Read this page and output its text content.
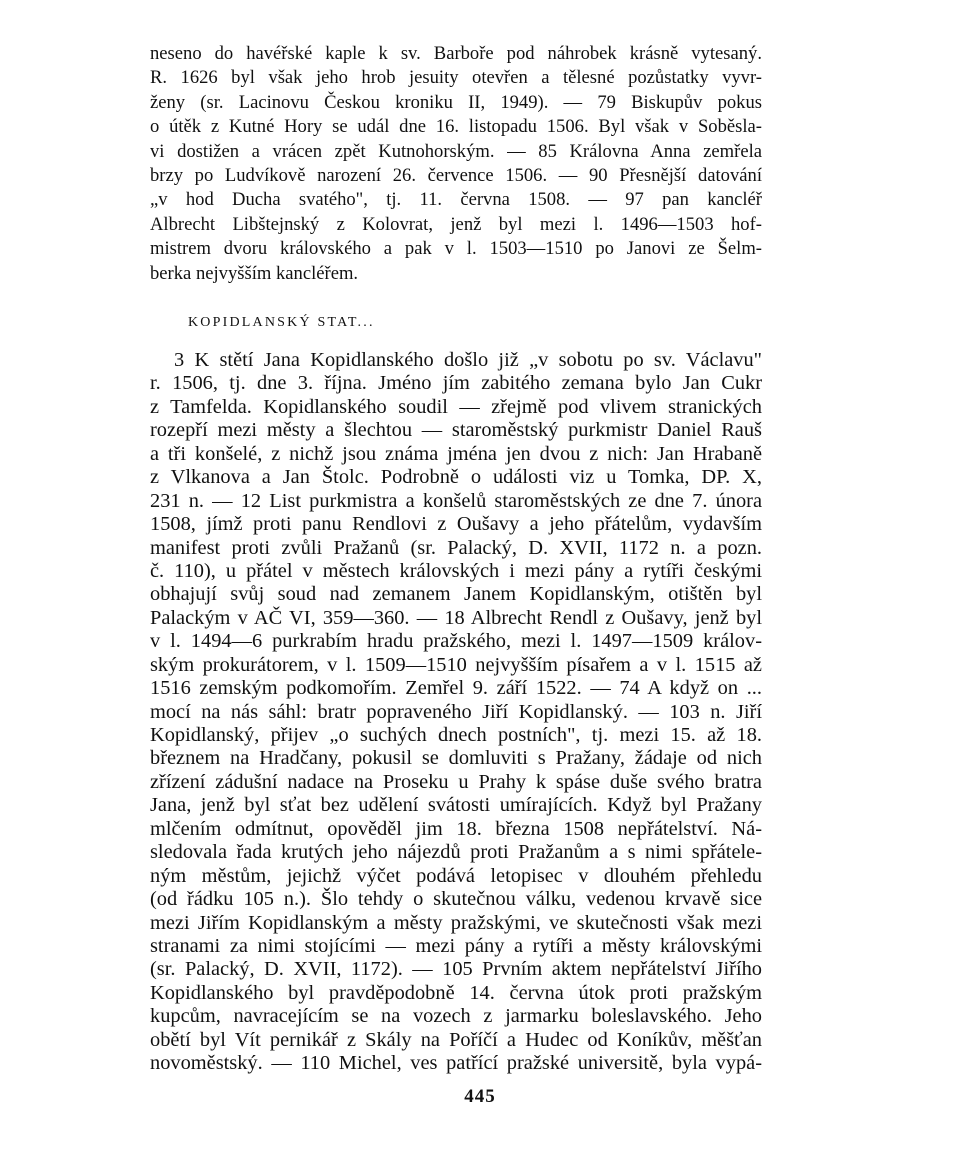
neseno do havéřské kaple k sv. Barboře pod náhrobek krásně vytesaný.
R. 1626 byl však jeho hrob jesuity otevřen a tělesné pozůstatky vyvr-
ženy (sr. Lacinovu Českou kroniku II, 1949). — 79 Biskupův pokus
o útěk z Kutné Hory se udál dne 16. listopadu 1506. Byl však v Soběsla-
vi dostižen a vrácen zpět Kutnohorským. — 85 Královna Anna zemřela
brzy po Ludvíkově narození 26. července 1506. — 90 Přesnější datování
„v hod Ducha svatého", tj. 11. června 1508. — 97 pan kancléř
Albrecht Libštejnský z Kolovrat, jenž byl mezi l. 1496—1503 hof-
mistrem dvoru královského a pak v l. 1503—1510 po Janovi ze Šelm-
berka nejvyšším kancléřem.
KOPIDLANSKÝ STAT...
3 K stětí Jana Kopidlanského došlo již „v sobotu po sv. Václavu"
r. 1506, tj. dne 3. října. Jméno jím zabitého zemana bylo Jan Cukr
z Tamfelda. Kopidlanského soudil — zřejmě pod vlivem stranických
rozepří mezi městy a šlechtou — staroměstský purkmistr Daniel Rauš
a tři konšelé, z nichž jsou známa jména jen dvou z nich: Jan Hrabaně
z Vlkanova a Jan Štolc. Podrobně o události viz u Tomka, DP. X,
231 n. — 12 List purkmistra a konšelů staroměstských ze dne 7. února
1508, jímž proti panu Rendlovi z Oušavy a jeho přátelům, vydavším
manifest proti zvůli Pražanů (sr. Palacký, D. XVII, 1172 n. a pozn.
č. 110), u přátel v městech královských i mezi pány a rytíři českými
obhajují svůj soud nad zemanem Janem Kopidlanským, otištěn byl
Palackým v AČ VI, 359—360. — 18 Albrecht Rendl z Oušavy, jenž byl
v l. 1494—6 purkrabím hradu pražského, mezi l. 1497—1509 králov-
ským prokurátorem, v l. 1509—1510 nejvyšším písařem a v l. 1515 až
1516 zemským podkomořím. Zemřel 9. září 1522. — 74 A když on ...
mocí na nás sáhl: bratr popraveného Jiří Kopidlanský. — 103 n. Jiří
Kopidlanský, přijev „o suchých dnech postních", tj. mezi 15. až 18.
březnem na Hradčany, pokusil se domluviti s Pražany, žádaje od nich
zřízení zádušní nadace na Proseku u Prahy k spáse duše svého bratra
Jana, jenž byl sťat bez udělení svátosti umírajících. Když byl Pražany
mlčením odmítnut, opověděl jim 18. března 1508 nepřátelství. Ná-
sledovala řada krutých jeho nájezdů proti Pražanům a s nimi spřátele-
ným městům, jejichž výčet podává letopisec v dlouhém přehledu
(od řádku 105 n.). Šlo tehdy o skutečnou válku, vedenou krvavě sice
mezi Jiřím Kopidlanským a městy pražskými, ve skutečnosti však mezi
stranami za nimi stojícími — mezi pány a rytíři a městy královskými
(sr. Palacký, D. XVII, 1172). — 105 Prvním aktem nepřátelství Jiřího
Kopidlanského byl pravděpodobně 14. června útok proti pražským
kupcům, navracejícím se na vozech z jarmarku boleslavského. Jeho
obětí byl Vít pernikář z Skály na Poříčí a Hudec od Koníkův, měšťan
novoměstský. — 110 Michel, ves patřící pražské universitě, byla vypá-
445
